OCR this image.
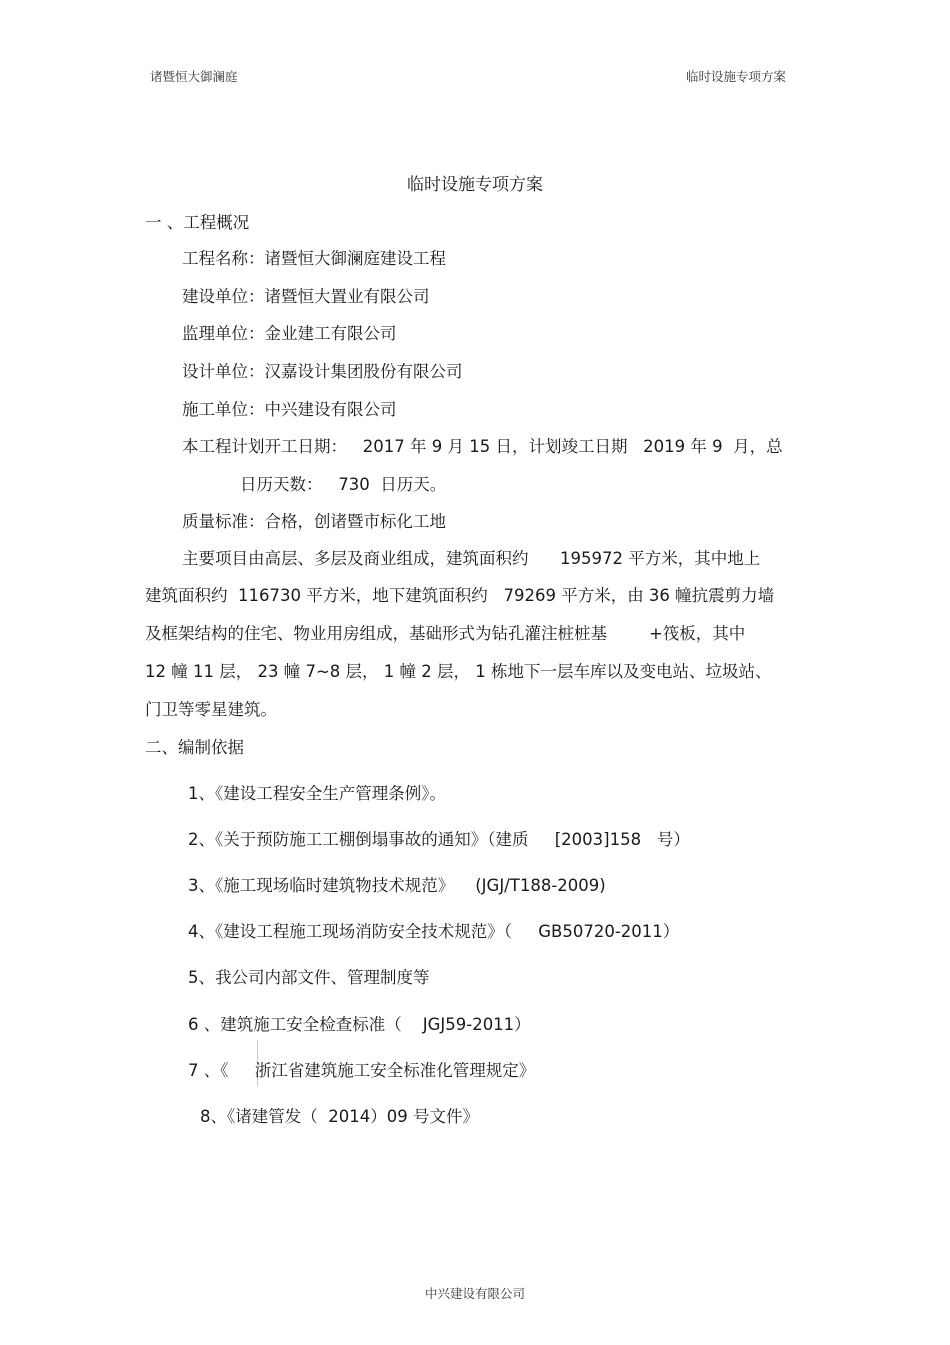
诸暨恒大御澜庭	临时设施专项方案
临时设施专项方案
一 、工程概况
工程名称：诸暨恒大御澜庭建设工程
建设单位：诸暨恒大置业有限公司
监理单位：金业建工有限公司
设计单位：汉嘉设计集团股份有限公司
施工单位：中兴建设有限公司
本工程计划开工日期：   2017 年 9 月 15 日，计划竣工日期   2019 年 9  月，总
日历天数：   730  日历天。
质量标准：合格，创诸暨市标化工地
主要项目由高层、多层及商业组成，建筑面积约      195972 平方米，其中地上
建筑面积约  116730 平方米，地下建筑面积约   79269 平方米，由 36 幢抗震剪力墙
及框架结构的住宅、物业用房组成，基础形式为钻孔灌注桩桩基        +筏板，其中
12 幢 11 层， 23 幢 7~8 层， 1 幢 2 层， 1 栋地下一层车库以及变电站、垃圾站、
门卫等零星建筑。
二、编制依据
1、《建设工程安全生产管理条例》。
2、《关于预防施工工棚倒塌事故的通知》（建质     [2003]158   号）
3、《施工现场临时建筑物技术规范》    (JGJ/T188-2009)
4、《建设工程施工现场消防安全技术规范》（     GB50720-2011）
5、我公司内部文件、管理制度等
6 、建筑施工安全检查标准（    JGJ59-2011）
7 、《     浙江省建筑施工安全标准化管理规定》
8、《诸建管发（  2014）09 号文件》
中兴建设有限公司
